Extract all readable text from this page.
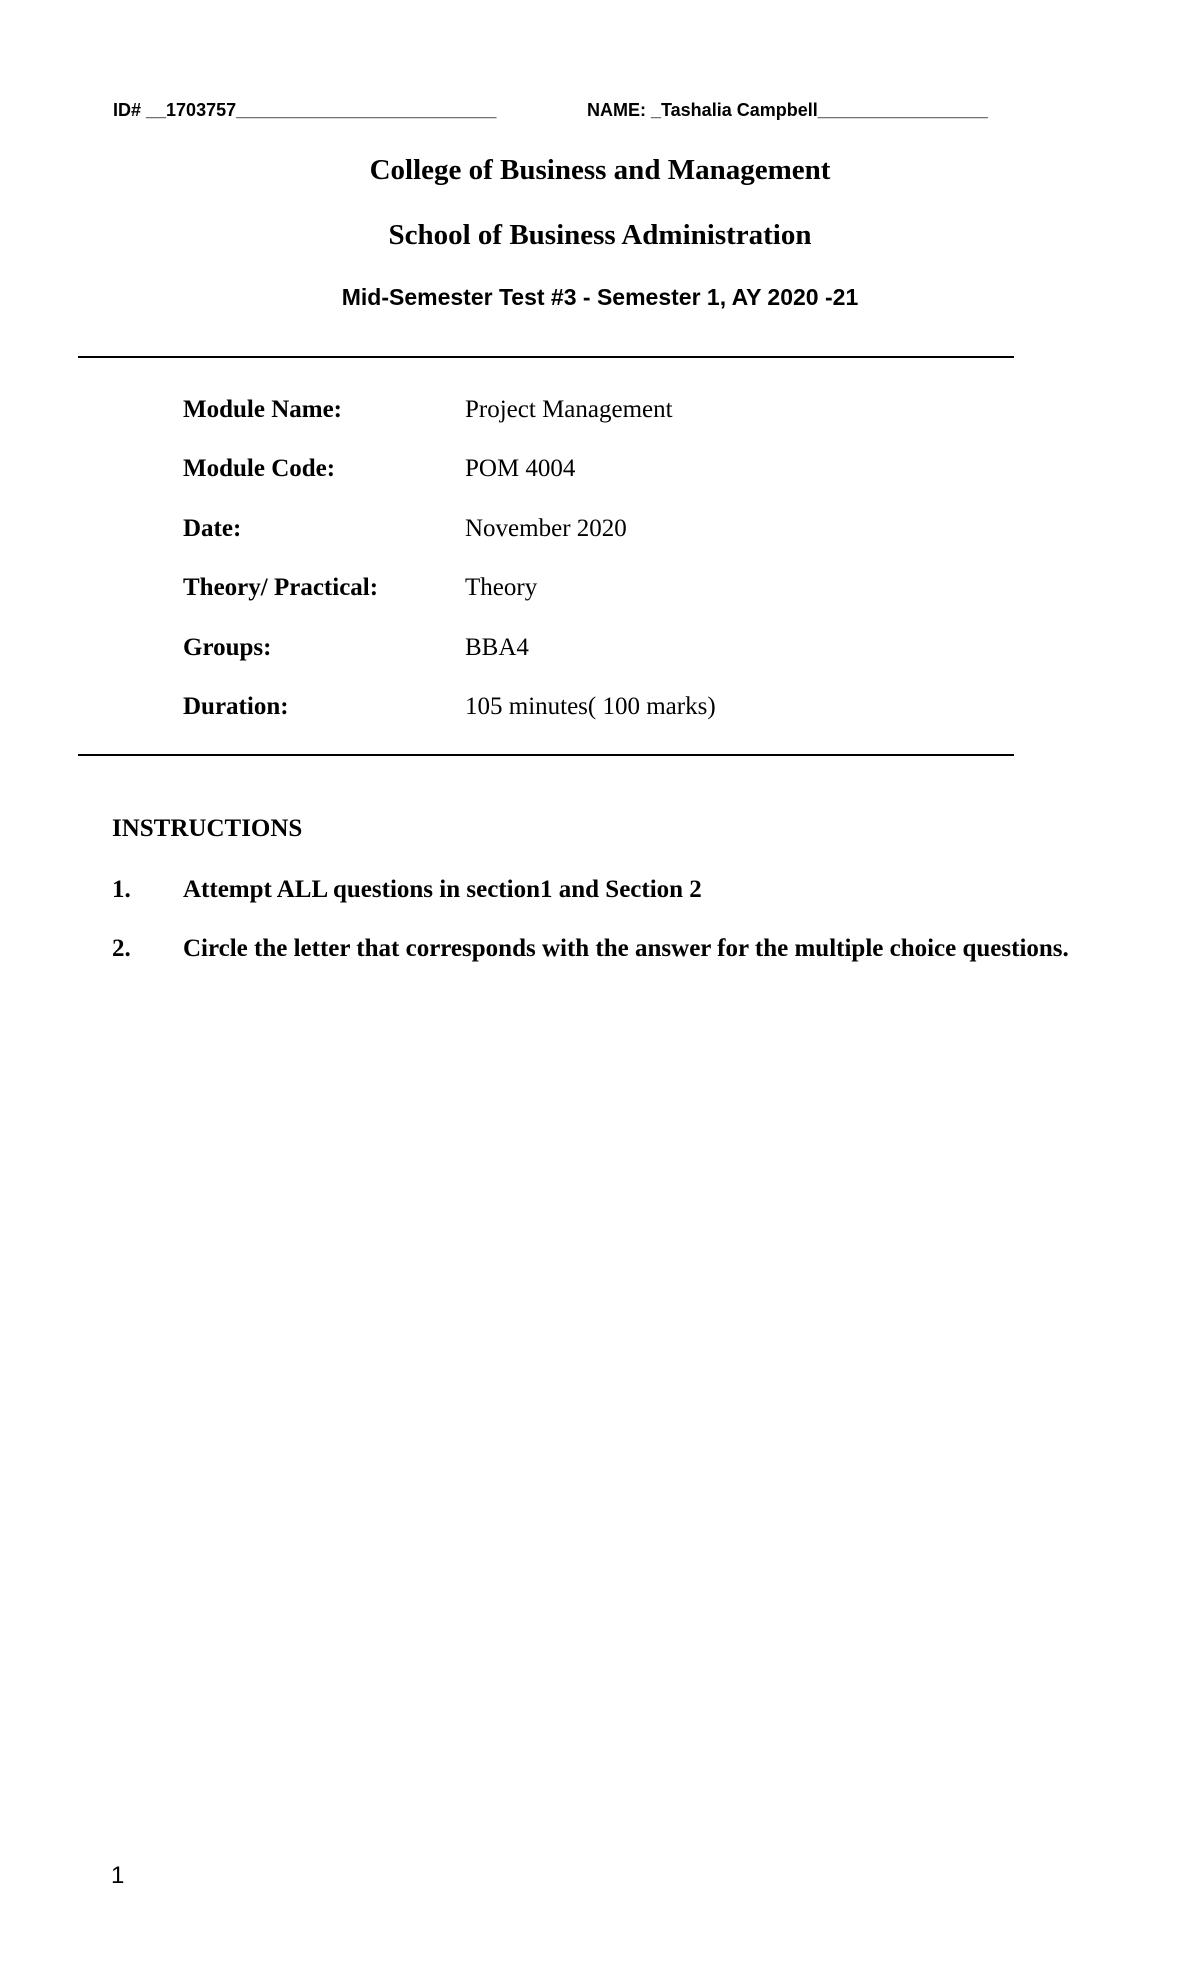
ID# __1703757__________________________	NAME: _Tashalia Campbell_________________
College of Business and Management
School of Business Administration
Mid-Semester Test #3 - Semester 1, AY 2020 -21
Module Name:	Project Management
Module Code:	POM 4004
Date:	November 2020
Theory/ Practical:	Theory
Groups:	BBA4
Duration:	105 minutes( 100 marks)
INSTRUCTIONS
1. Attempt ALL questions in section1 and Section 2
2. Circle the letter that corresponds with the answer for the multiple choice questions.
1
